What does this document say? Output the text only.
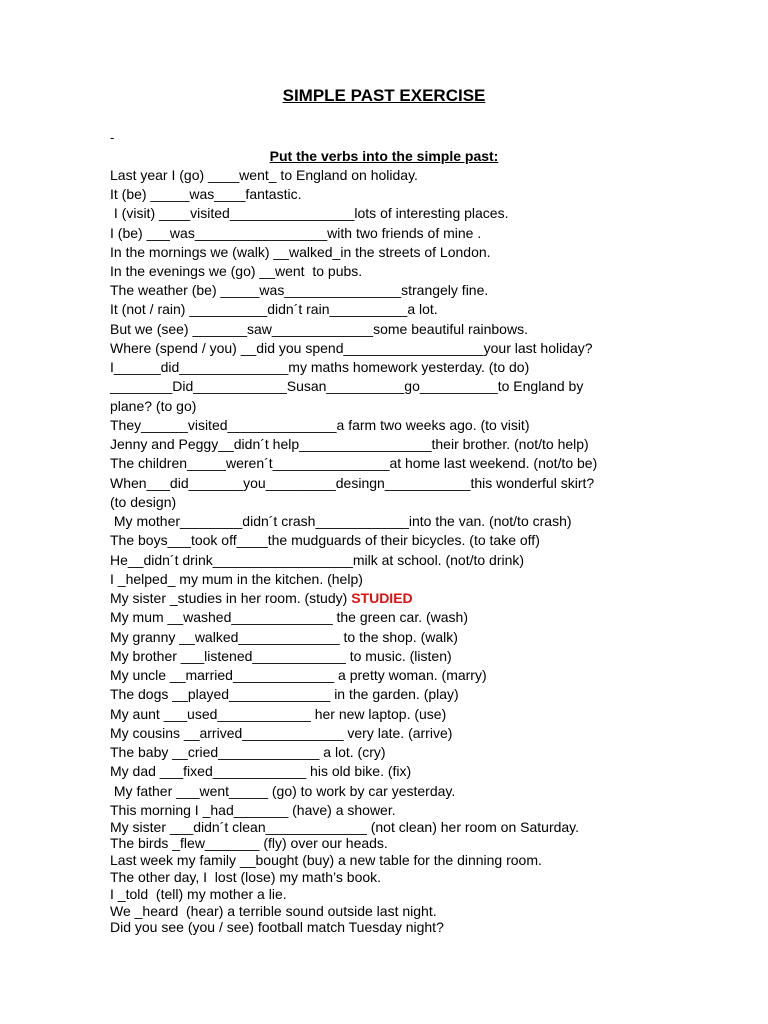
SIMPLE PAST EXERCISE
-
Put the verbs into the simple past:
Last year I (go) ____went_ to England on holiday.
It (be) _____was____fantastic.
I (visit) ____visited________________lots of interesting places.
I (be) ___was_________________with two friends of mine .
In the mornings we (walk) __walked_in the streets of London.
In the evenings we (go) __went  to pubs.
The weather (be) _____was_______________strangely fine.
It (not / rain) __________didn´t rain__________a lot.
But we (see) _______saw_____________some beautiful rainbows.
Where (spend / you) __did you spend__________________your last holiday?
I______did______________my maths homework yesterday. (to do)
________Did____________Susan__________go__________to England by
plane? (to go)
They______visited______________a farm two weeks ago. (to visit)
Jenny and Peggy__didn´t help_________________their brother. (not/to help)
The children_____weren´t_______________at home last weekend. (not/to be)
When___did_______you_________desingn___________this wonderful skirt?
(to design)
My mother________didn´t crash____________into the van. (not/to crash)
The boys___took off____the mudguards of their bicycles. (to take off)
He__didn´t drink__________________milk at school. (not/to drink)
I _helped_ my mum in the kitchen. (help)
My sister _studies in her room. (study) STUDIED
My mum __washed_____________ the green car. (wash)
My granny __walked_____________ to the shop. (walk)
My brother ___listened____________ to music. (listen)
My uncle __married_____________ a pretty woman. (marry)
The dogs __played_____________ in the garden. (play)
My aunt ___used____________ her new laptop. (use)
My cousins __arrived_____________ very late. (arrive)
The baby __cried_____________ a lot. (cry)
My dad ___fixed____________ his old bike. (fix)
My father ___went_____ (go) to work by car yesterday.
This morning I _had_______ (have) a shower.
My sister ___didn´t clean_____________ (not clean) her room on Saturday.
The birds _flew_______ (fly) over our heads.
Last week my family __bought (buy) a new table for the dinning room.
The other day, I  lost (lose) my math’s book.
I _told  (tell) my mother a lie.
We _heard  (hear) a terrible sound outside last night.
Did you see (you / see) football match Tuesday night?
